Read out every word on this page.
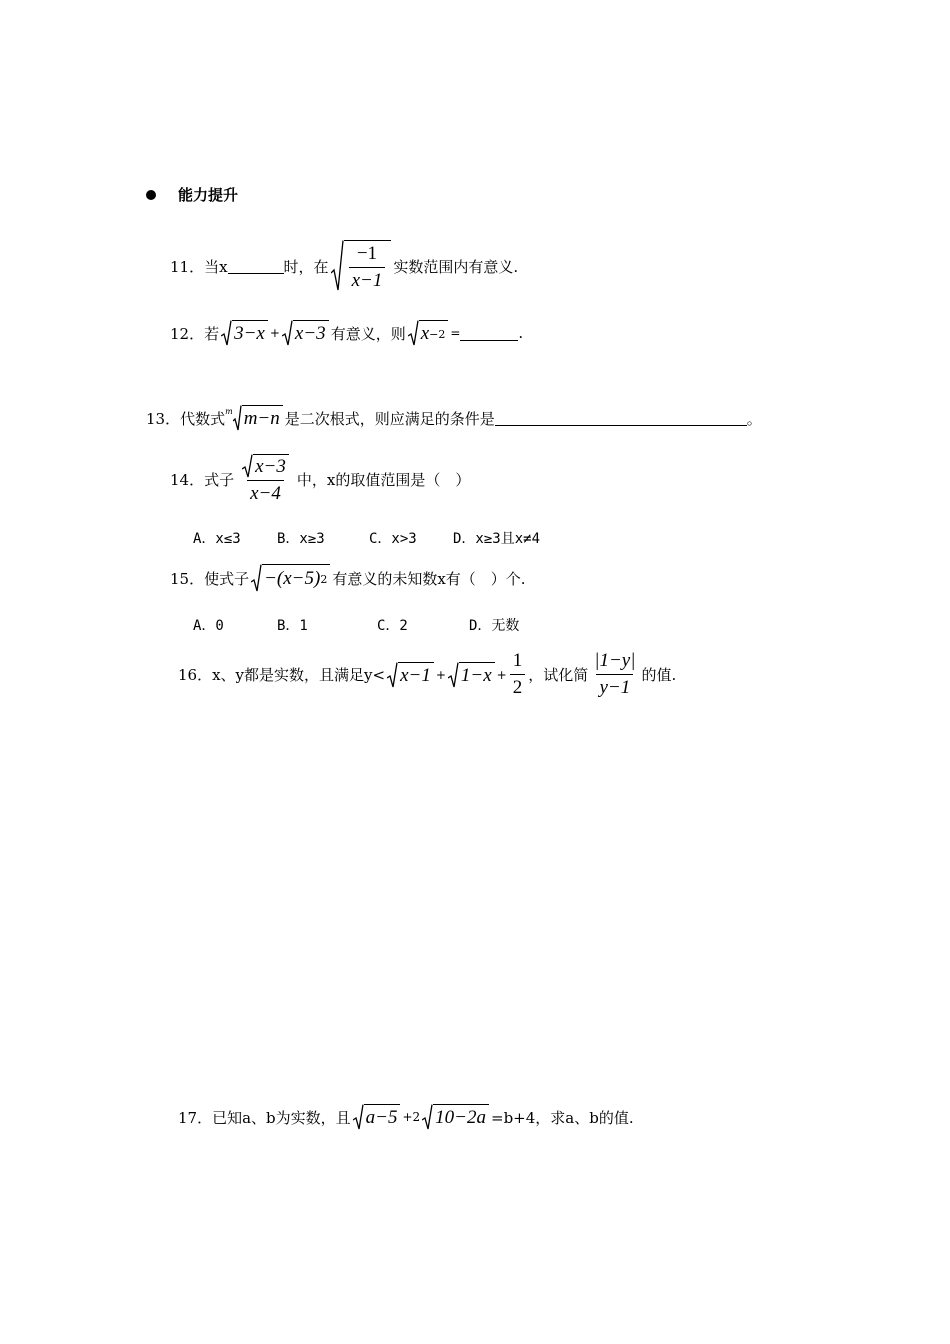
能力提升
11．当x	时，在 $\frac{-1}{x-1}$ 实数范围内有意义.
12．若 3−x + x−3 有意义，则 x −2 =	.
13．代数式 m m−n 是二次根式，则应满足的条件是	。
14．式子 $\frac{x-3}{x-4}$ 中，x的取值范围是（　）
A．x≤3	B．x≥3	C．x>3	D．x≥3且x≠4
15．使式子 −(x−5) 2 有意义的未知数x有（　）个.
A．0	B．1	C．2	D．无数
16．x、y都是实数，且满足$y< x-1 + 1-x + \frac{1}{2}$ ，试化简 $\frac{|1-y|}{y-1}$ 的值.
17．已知a、b为实数，且 a−5 +2 10−2a =b+4，求a、b的值.
